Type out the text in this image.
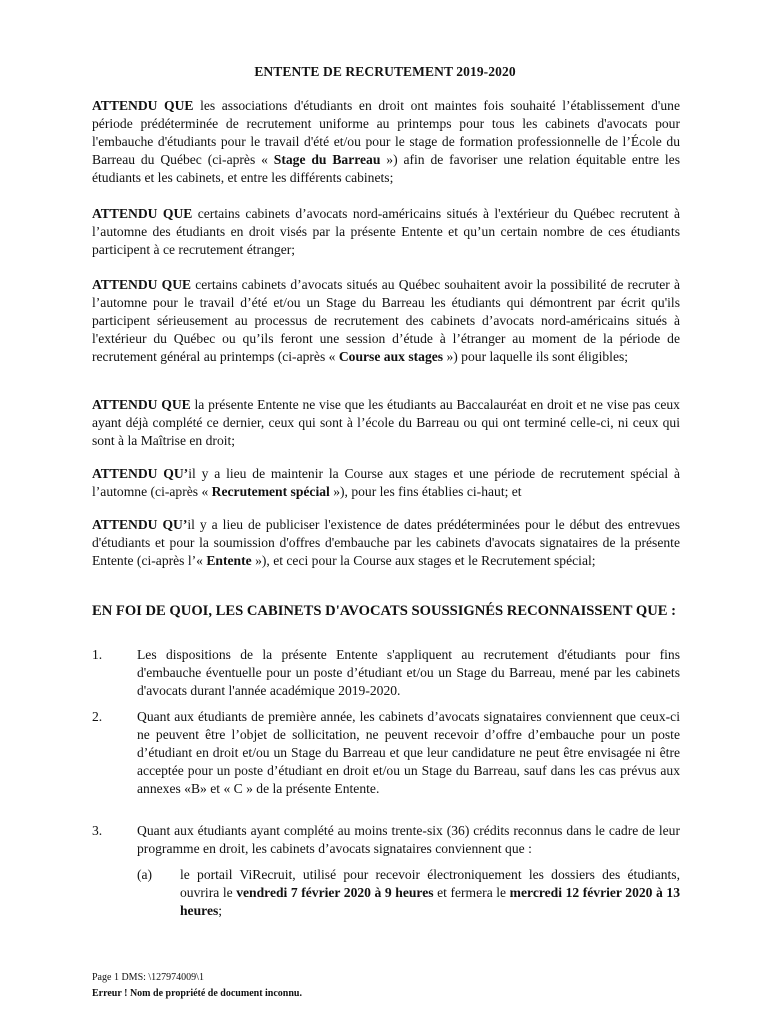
ENTENTE DE RECRUTEMENT 2019-2020

ATTENDU QUE les associations d'étudiants en droit ont maintes fois souhaité l’établissement d'une période prédéterminée de recrutement uniforme au printemps pour tous les cabinets d'avocats pour l'embauche d'étudiants pour le travail d'été et/ou pour le stage de formation professionnelle de l’École du Barreau du Québec (ci-après « Stage du Barreau ») afin de favoriser une relation équitable entre les étudiants et les cabinets, et entre les différents cabinets;

ATTENDU QUE certains cabinets d’avocats nord-américains situés à l'extérieur du Québec recrutent à l’automne des étudiants en droit visés par la présente Entente et qu’un certain nombre de ces étudiants participent à ce recrutement étranger;

ATTENDU QUE certains cabinets d’avocats situés au Québec souhaitent avoir la possibilité de recruter à l’automne pour le travail d’été et/ou un Stage du Barreau les étudiants qui démontrent par écrit qu'ils participent sérieusement au processus de recrutement des cabinets d’avocats nord-américains situés à l'extérieur du Québec ou qu’ils feront une session d’étude à l’étranger au moment de la période de recrutement général au printemps (ci-après « Course aux stages ») pour laquelle ils sont éligibles;

ATTENDU QUE la présente Entente ne vise que les étudiants au Baccalauréat en droit et ne vise pas ceux ayant déjà complété ce dernier, ceux qui sont à l’école du Barreau ou qui ont terminé celle-ci, ni ceux qui sont à la Maîtrise en droit;

ATTENDU QU’il y a lieu de maintenir la Course aux stages et une période de recrutement spécial à l’automne (ci-après « Recrutement spécial »), pour les fins établies ci-haut; et

ATTENDU QU’il y a lieu de publiciser l'existence de dates prédéterminées pour le début des entrevues d'étudiants et pour la soumission d'offres d'embauche par les cabinets d'avocats signataires de la présente Entente (ci-après l’« Entente »), et ceci pour la Course aux stages et le Recrutement spécial;

EN FOI DE QUOI, LES CABINETS D'AVOCATS SOUSSIGNÉS RECONNAISSENT QUE :

1.	Les dispositions de la présente Entente s'appliquent au recrutement d'étudiants pour fins d'embauche éventuelle pour un poste d’étudiant et/ou un Stage du Barreau, mené par les cabinets d'avocats durant l'année académique 2019-2020.

2.	Quant aux étudiants de première année, les cabinets d’avocats signataires conviennent que ceux-ci ne peuvent être l’objet de sollicitation, ne peuvent recevoir d’offre d’embauche pour un poste d’étudiant en droit et/ou un Stage du Barreau et que leur candidature ne peut être envisagée ni être acceptée pour un poste d’étudiant en droit et/ou un Stage du Barreau, sauf dans les cas prévus aux annexes «B» et « C » de la présente Entente.

3.	Quant aux étudiants ayant complété au moins trente-six (36) crédits reconnus dans le cadre de leur programme en droit, les cabinets d’avocats signataires conviennent que :

(a) le portail ViRecruit, utilisé pour recevoir électroniquement les dossiers des étudiants, ouvrira le vendredi 7 février 2020 à 9 heures et fermera le mercredi 12 février 2020 à 13 heures;

Page 1 DMS: \127974009\1
Erreur ! Nom de propriété de document inconnu.
